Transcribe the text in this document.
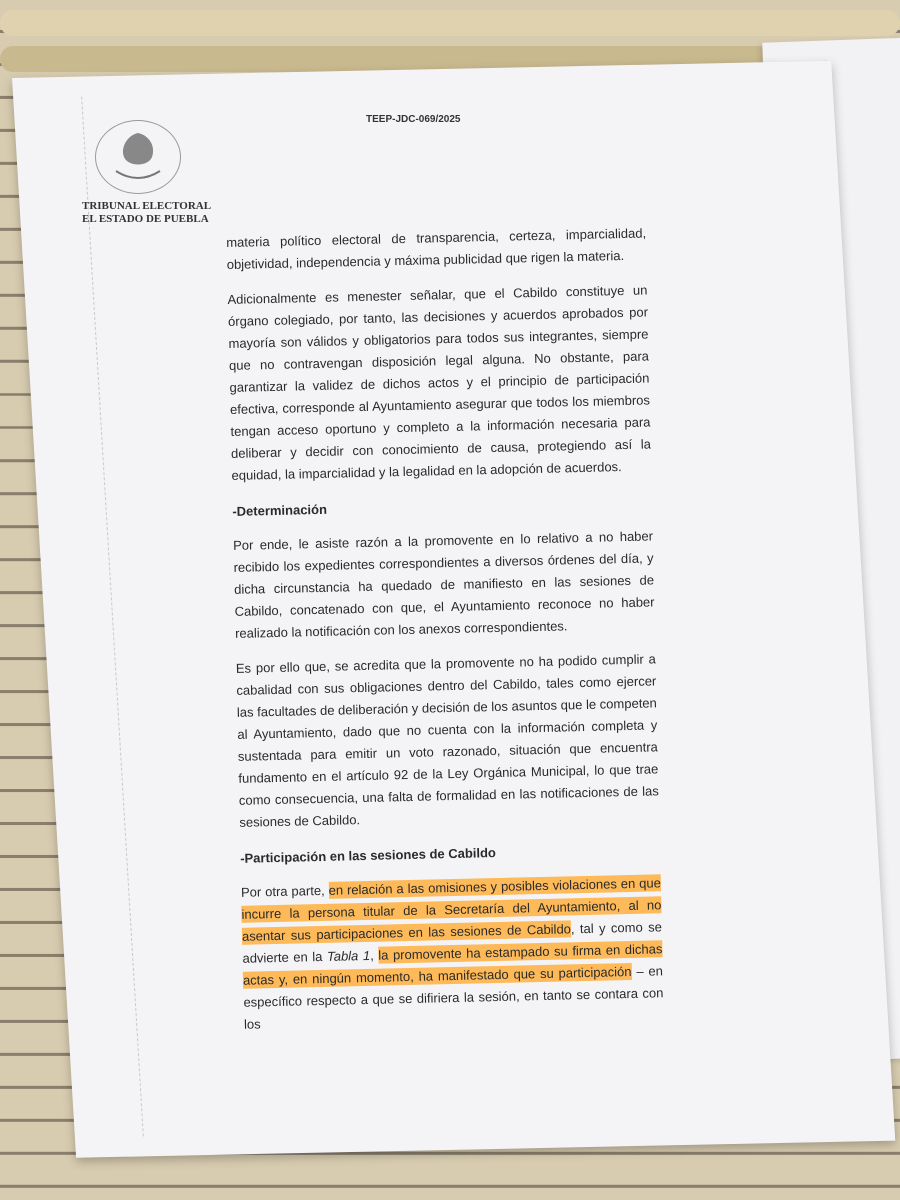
TEEP-JDC-069/2025
TRIBUNAL ELECTORAL
EL ESTADO DE PUEBLA

materia político electoral de transparencia, certeza, imparcialidad, objetividad, independencia y máxima publicidad que rigen la materia.

Adicionalmente es menester señalar, que el Cabildo constituye un órgano colegiado, por tanto, las decisiones y acuerdos aprobados por mayoría son válidos y obligatorios para todos sus integrantes, siempre que no contravengan disposición legal alguna. No obstante, para garantizar la validez de dichos actos y el principio de participación efectiva, corresponde al Ayuntamiento asegurar que todos los miembros tengan acceso oportuno y completo a la información necesaria para deliberar y decidir con conocimiento de causa, protegiendo así la equidad, la imparcialidad y la legalidad en la adopción de acuerdos.

-Determinación

Por ende, le asiste razón a la promovente en lo relativo a no haber recibido los expedientes correspondientes a diversos órdenes del día, y dicha circunstancia ha quedado de manifiesto en las sesiones de Cabildo, concatenado con que, el Ayuntamiento reconoce no haber realizado la notificación con los anexos correspondientes.

Es por ello que, se acredita que la promovente no ha podido cumplir a cabalidad con sus obligaciones dentro del Cabildo, tales como ejercer las facultades de deliberación y decisión de los asuntos que le competen al Ayuntamiento, dado que no cuenta con la información completa y sustentada para emitir un voto razonado, situación que encuentra fundamento en el artículo 92 de la Ley Orgánica Municipal, lo que trae como consecuencia, una falta de formalidad en las notificaciones de las sesiones de Cabildo.

-Participación en las sesiones de Cabildo

Por otra parte, en relación a las omisiones y posibles violaciones en que incurre la persona titular de la Secretaría del Ayuntamiento, al no asentar sus participaciones en las sesiones de Cabildo, tal y como se advierte en la Tabla 1, la promovente ha estampado su firma en dichas actas y, en ningún momento, ha manifestado que su participación – en específico respecto a que se difiriera la sesión, en tanto se contara con los
